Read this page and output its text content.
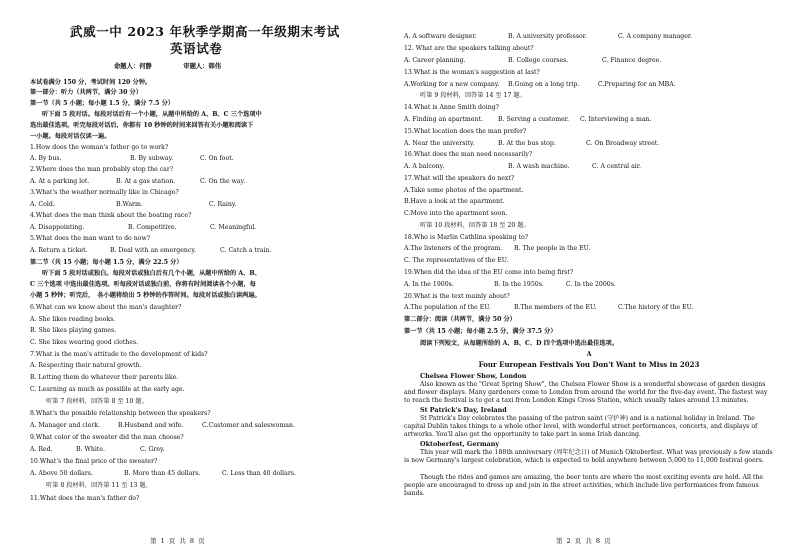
武威一中 2023 年秋季学期高一年级期末考试
英语试卷
命题人：何静　　　　　审题人：韩伟
本试卷满分 150 分，考试时间 120 分钟。
第一部分：听力（共两节，满分 30 分）
第一节（共 5 小题；每小题 1.5 分，满分 7.5 分）
听下面 5 段对话。每段对话后有一个小题，从题中所给的 A、B、C 三个选项中
选出最佳选项。听完每段对话后，你都有 10 秒钟的时间来回答有关小题和阅读下
一小题。每段对话仅读一遍。
1.How does the woman's father go to work?
A. By bus.	B. By subway.	C. On foot.
2.Where does the man probably stop the car?
A. At a parking lot.	B. At a gas station.	C. On the way.
3.What's the weather normally like in Chicago?
A. Cold.	B.Warm.	C. Rainy.
4.What does the man think about the boating race?
A. Disappointing.	B. Competitive.	C. Meaningful.
5.What does the man want to do now?
A. Return a ticket.	B. Deal with an emergency.	C. Catch a train.
第二节（共 15 小题；每小题 1.5 分，满分 22.5 分）
听下面 5 段对话或独白。每段对话或独白后有几个小题，从题中所给的 A、B、
C 三个选项 中选出最佳选项。听每段对话或独白前，你将有时间阅读各个小题，每
小题 5 秒钟；听完后，　各小题将给出 5 秒钟的作答时间。每段对话或独白读两遍。
6.What can we know about the man's daughter?
A. She likes reading books.
B. She likes playing games.
C. She likes wearing good clothes.
7.What is the man's attitude to the development of kids?
A. Respecting their natural growth.
B. Letting them do whatever their parents like.
C. Learning as much as possible at the early age.
听第 7 段材料，回答第 8 至 10 题。
8.What's the possible relationship between the speakers?
A. Manager and clerk.	B.Husband and wife.	C.Customer and saleswoman.
9.What color of the sweater did the man choose?
A. Red.	B. White.	C. Grey.
10.What's the final price of the sweater?
A. Above 50 dollars.	B. More than 45 dollars.	C. Less than 40 dollars.
听第 8 段材料，回答第 11 至 13 题。
11.What does the man's father do?
第 1 页 共 8 页
A. A software designer.	B. A university professor.	C. A company manager.
12. What are the speakers talking about?
A. Career planning.	B. College courses.	C. Finance degree.
13.What is the woman's suggestion at last?
A.Working for a new company.	B.Going on a long trip.	C.Preparing for an MBA.
听第 9 段材料，回答第 14 至 17 题。
14.What is Anne Smith doing?
A. Finding an apartment.	B. Serving a customer.	C. Interviewing a man.
15.What location does the man prefer?
A. Near the university.	B. At the bus stop.	C. On Broadway street.
16.What does the man need necessarily?
A. A balcony.	B. A wash machine.	C. A central air.
17.What will the speakers do next?
A.Take some photos of the apartment.
B.Have a look at the apartment.
C.Move into the apartment soon.
听第 10 段材料，回答第 18 至 20 题。
18.Who is Marlin Cathlina speaking to?
A.The listeners of the program.	B. The people in the EU.
C. The representatives of the EU.
19.When did the idea of the EU come into being first?
A. In the 1900s.	B. In the 1950s.	C. In the 2000s.
20.What is the text mainly about?
A.The population of the EU.	B.The members of the EU.	C.The history of the EU.
第二部分：阅读（共两节，满分 50 分）
第一节（共 15 小题；每小题 2.5 分，满分 37.5 分）
阅读下列短文，从每题所给的 A、B、C、D 四个选项中选出最佳选项。
A
Four European Festivals You Don't Want to Miss in 2023
Chelsea Flower Show, London
Also known as the "Great Spring Show", the Chelsea Flower Show is a wonderful showcase of garden designs and flower displays. Many gardeners come to London from around the world for the five-day event. The fastest way to reach the festival is to get a taxi from London Kings Cross Station, which usually takes around 13 minutes.
St Patrick's Day, Ireland
St Patrick's Day celebrates the passing of the patron saint (守护神) and is a national holiday in Ireland. The capital Dublin takes things to a whole other level, with wonderful street performances, concerts, and displays of artworks. You'll also get the opportunity to take part in some Irish dancing.
Oktoberfest, Germany
This year will mark the 188th anniversary (周年纪念日) of Munich Oktoberfest. What was previously a few stands is now Germany's largest celebration, which is expected to hold anywhere between 5,000 to 11,000 festival goers.
Though the rides and games are amazing, the beer tents are where the most exciting events are held. All the people are encouraged to dress up and join in the street activities, which include live performances from famous bands.
第 2 页 共 8 页
